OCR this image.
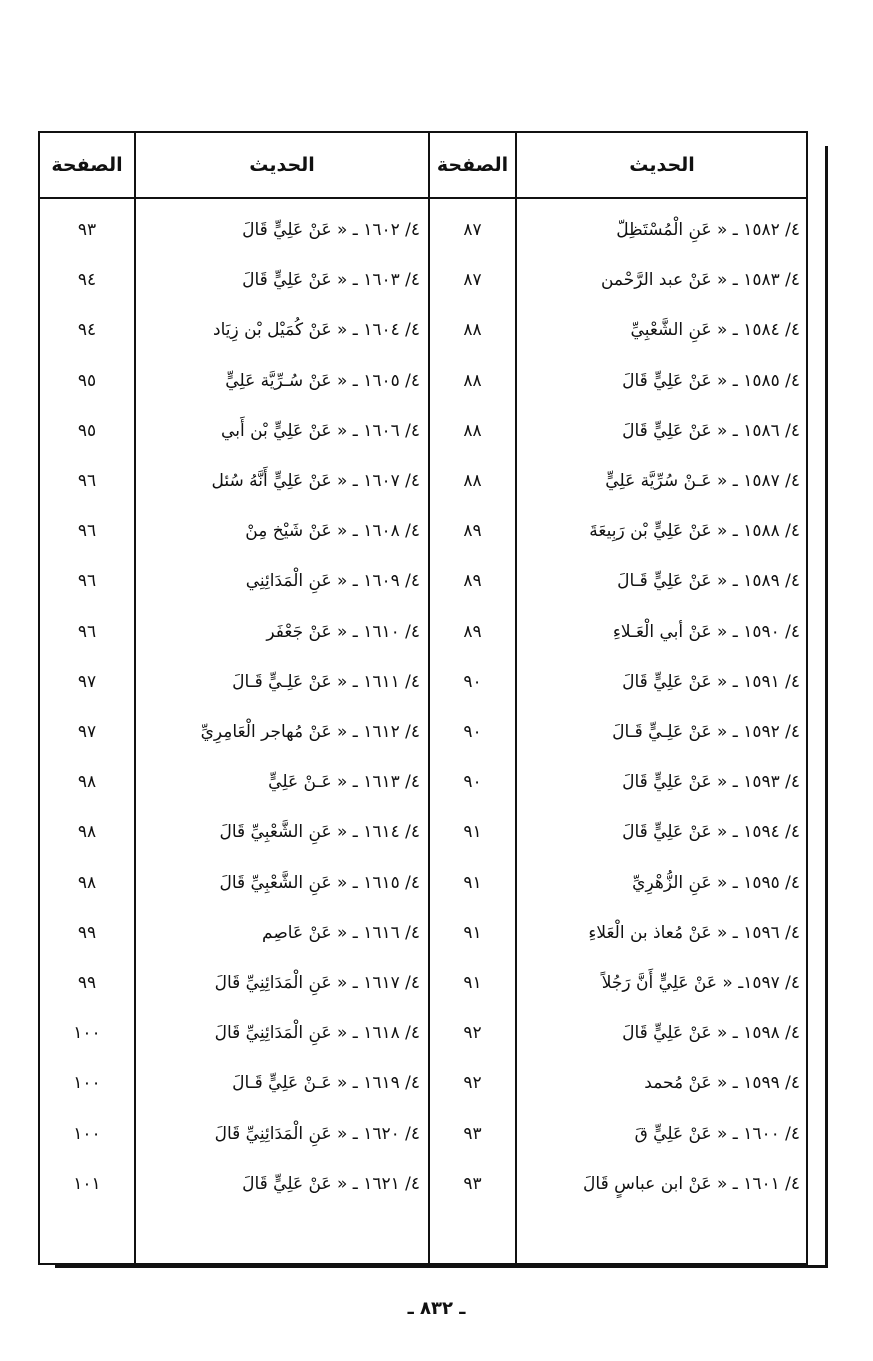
الحديث
الصفحة
الحديث
الصفحة
٤/ ١٥٨٢ ـ « عَنِ الْمُسْتَظِلّ
٨٧
٤/ ١٥٨٣ ـ « عَنْ عبد الرَّحْمن
٨٧
٤/ ١٥٨٤ ـ « عَنِ الشَّعْبِيِّ
٨٨
٤/ ١٥٨٥ ـ « عَنْ عَلِيٍّ قَالَ
٨٨
٤/ ١٥٨٦ ـ « عَنْ عَلِيٍّ قَالَ
٨٨
٤/ ١٥٨٧ ـ « عَـنْ سُرِّيَّة عَلِيٍّ
٨٨
٤/ ١٥٨٨ ـ « عَنْ عَلِيٍّ بْن رَبِيعَةَ
٨٩
٤/ ١٥٨٩ ـ « عَنْ عَلِيٍّ قَـالَ
٨٩
٤/ ١٥٩٠ ـ « عَنْ أبي الْعَـلاءِ
٨٩
٤/ ١٥٩١ ـ « عَنْ عَلِيٍّ قَالَ
٩٠
٤/ ١٥٩٢ ـ « عَنْ عَلِـيٍّ قَـالَ
٩٠
٤/ ١٥٩٣ ـ « عَنْ عَلِيٍّ قَالَ
٩٠
٤/ ١٥٩٤ ـ « عَنْ عَلِيٍّ قَالَ
٩١
٤/ ١٥٩٥ ـ « عَنِ الزُّهْرِيِّ
٩١
٤/ ١٥٩٦ ـ « عَنْ مُعاذ بن الْعَلاءِ
٩١
٤/ ١٥٩٧ـ « عَنْ عَلِيٍّ أَنَّ رَجُلاً
٩١
٤/ ١٥٩٨ ـ « عَنْ عَلِيٍّ قَالَ
٩٢
٤/ ١٥٩٩ ـ « عَنْ مُحمد
٩٢
٤/ ١٦٠٠ ـ « عَنْ عَلِيٍّ قَ
٩٣
٤/ ١٦٠١ ـ « عَنْ ابن عباسٍ قَالَ
٩٣
٤/ ١٦٠٢ ـ « عَنْ عَلِيٍّ قَالَ
٩٣
٤/ ١٦٠٣ ـ « عَنْ عَلِيٍّ قَالَ
٩٤
٤/ ١٦٠٤ ـ « عَنْ كُمَيْل بْن زِيَاد
٩٤
٤/ ١٦٠٥ ـ « عَنْ سُـرِّيَّة عَلِيٍّ
٩٥
٤/ ١٦٠٦ ـ « عَنْ عَلِيٍّ بْن أَبي
٩٥
٤/ ١٦٠٧ ـ « عَنْ عَلِيٍّ أَنَّهُ سُئل
٩٦
٤/ ١٦٠٨ ـ « عَنْ شَيْخ مِنْ
٩٦
٤/ ١٦٠٩ ـ « عَنِ الْمَدَائِنِي
٩٦
٤/ ١٦١٠ ـ « عَنْ جَعْفَر
٩٦
٤/ ١٦١١ ـ « عَنْ عَلِـيٍّ قَـالَ
٩٧
٤/ ١٦١٢ ـ « عَنْ مُهاجر الْعَامِرِيِّ
٩٧
٤/ ١٦١٣ ـ « عَـنْ عَلِيٍّ
٩٨
٤/ ١٦١٤ ـ « عَنِ الشَّعْبِيِّ قَالَ
٩٨
٤/ ١٦١٥ ـ « عَنِ الشَّعْبِيِّ قَالَ
٩٨
٤/ ١٦١٦ ـ « عَنْ عَاصِم
٩٩
٤/ ١٦١٧ ـ « عَنِ الْمَدَائِنِيِّ قَالَ
٩٩
٤/ ١٦١٨ ـ « عَنِ الْمَدَائِنِيِّ قَالَ
١٠٠
٤/ ١٦١٩ ـ « عَـنْ عَلِيٍّ قَـالَ
١٠٠
٤/ ١٦٢٠ ـ « عَنِ الْمَدَائِنِيِّ قَالَ
١٠٠
٤/ ١٦٢١ ـ « عَنْ عَلِيٍّ قَالَ
١٠١
ـ ٨٣٢ ـ
